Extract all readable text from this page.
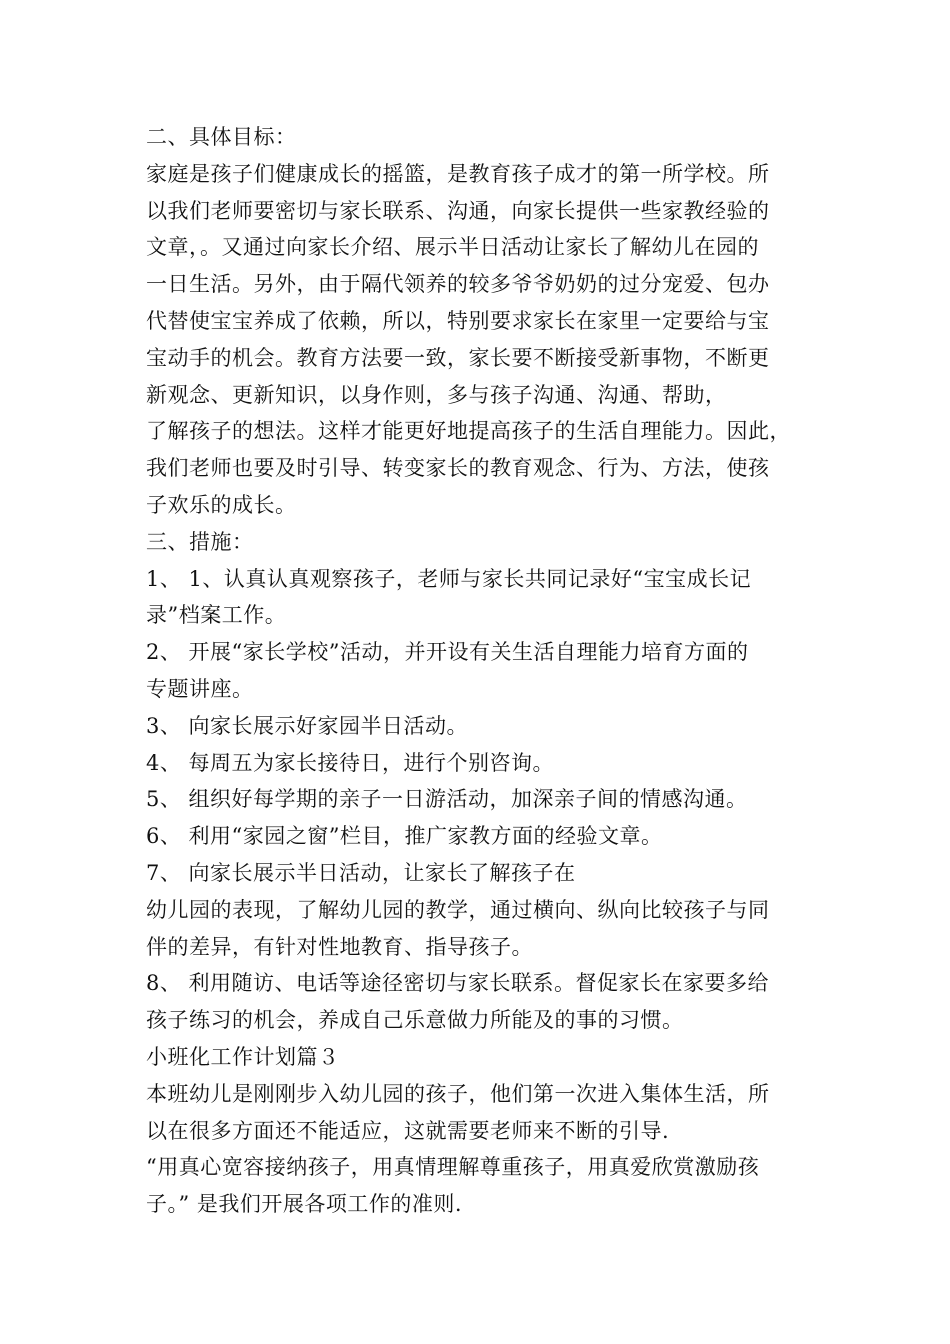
二、具体目标：
家庭是孩子们健康成长的摇篮，是教育孩子成才的第一所学校。所
以我们老师要密切与家长联系、沟通，向家长提供一些家教经验的
文章，。又通过向家长介绍、展示半日活动让家长了解幼儿在园的
一日生活。另外，由于隔代领养的较多爷爷奶奶的过分宠爱、包办
代替使宝宝养成了依赖，所以，特别要求家长在家里一定要给与宝
宝动手的机会。教育方法要一致，家长要不断接受新事物，不断更
新观念、更新知识，以身作则，多与孩子沟通、沟通、帮助，
了解孩子的想法。这样才能更好地提高孩子的生活自理能力。因此，
我们老师也要及时引导、转变家长的教育观念、行为、方法，使孩
子欢乐的成长。
三、措施：
1、 1、认真认真观察孩子，老师与家长共同记录好“宝宝成长记
录”档案工作。
2、 开展“家长学校”活动，并开设有关生活自理能力培育方面的
专题讲座。
3、 向家长展示好家园半日活动。
4、 每周五为家长接待日，进行个别咨询。
5、 组织好每学期的亲子一日游活动，加深亲子间的情感沟通。
6、 利用“家园之窗”栏目，推广家教方面的经验文章。
7、 向家长展示半日活动，让家长了解孩子在
幼儿园的表现，了解幼儿园的教学，通过横向、纵向比较孩子与同
伴的差异，有针对性地教育、指导孩子。
8、 利用随访、电话等途径密切与家长联系。督促家长在家要多给
孩子练习的机会，养成自己乐意做力所能及的事的习惯。
小班化工作计划篇３
本班幼儿是刚刚步入幼儿园的孩子，他们第一次进入集体生活，所
以在很多方面还不能适应，这就需要老师来不断的引导.
“用真心宽容接纳孩子，用真情理解尊重孩子，用真爱欣赏激励孩
子。” 是我们开展各项工作的准则.
